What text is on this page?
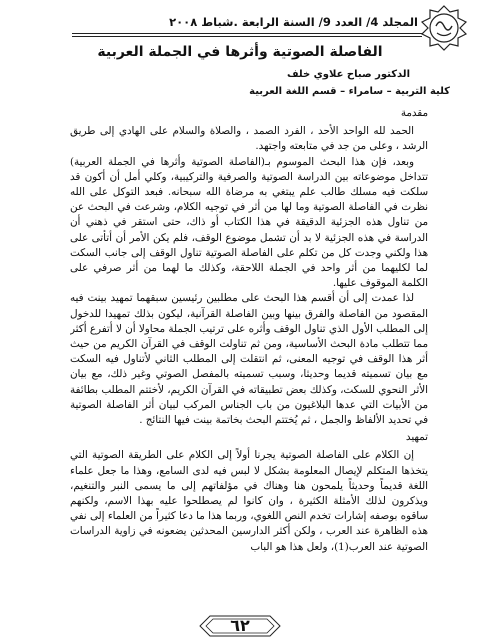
المجلد 4/ العدد 9/ السنة الرابعة .شباط ٢٠٠٨
الفاصلة الصوتية وأثرها في الجملة العربية
الدكتور صباح علاوي خلف
كلية التربية – سامراء – قسم اللغة العربية

مقدمة

الحمد لله الواحد الأحد ، الفرد الصمد ، والصلاة والسلام على الهادي إلى طريق الرشد ، وعلى من جد في متابعته واجتهد.

وبعد، فإن هذا البحث الموسوم بـ(الفاصلة الصوتية وأثرها في الجملة العربية) تتداخل موضوعاته بين الدراسة الصوتية والصرفية والتركيبية، وكلي أمل أن أكون قد سلكت فيه مسلك طالب علم يبتغي به مرضاة الله سبحانه. فبعد التوكل على الله نظرت في الفاصلة الصوتية وما لها من أثر في توجيه الكلام، وشرعت في البحث عن من تناول هذه الجزئية الدقيقة في هذا الكتاب أو ذاك، حتى استقر في ذهني أن الدراسة في هذه الجزئية لا بد أن تشمل موضوع الوقف، فلم يكن الأمر أن أتأتى على هذا ولكني وجدت كل من تكلم على الفاصلة الصوتية تناول الوقف إلى جانب السكت لما لكليهما من أثر واحد في الجملة اللاحقة، وكذلك ما لهما من أثر صرفي على الكلمة الموقوف عليها.

لذا عمدت إلى أن أقسم هذا البحث على مطلبين رئيسين سبقهما تمهيد بينت فيه المقصود من الفاصلة والفرق بينها وبين الفاصلة القرآنية، ليكون بذلك تمهيدا للدخول إلى المطلب الأول الذي تناول الوقف وأثره على ترتيب الجملة محاولا أن لا أتفرع أكثر مما تتطلب مادة البحث الأساسية، ومن ثم تناولت الوقف في القرآن الكريم من حيث أثر هذا الوقف في توجيه المعنى، ثم انتقلت إلى المطلب الثاني لأتناول فيه السكت مع بيان تسميته قديما وحديثا، وسبب تسميته بالمفصل الصوتي وغير ذلك، مع بيان الأثر النحوي للسكت، وكذلك بعض تطبيقاته في القرآن الكريم، لأختتم المطلب بطائفة من الأبيات التي عدها البلاغيون من باب الجناس المركب لبيان أثر الفاصلة الصوتية في تحديد الألفاظ والجمل ، ثم يُختتم البحث بخاتمة بينت فيها النتائج .

تمهيد

إن الكلام على الفاصلة الصوتية يجرنا أولاً إلى الكلام على الطريقة الصوتية التي يتخذها المتكلم لإيصال المعلومة بشكل لا لبس فيه لدى السامع، وهذا ما جعل علماء اللغة قديماً وحديثاً يلمحون هنا وهناك في مؤلفاتهم إلى ما يسمى النبر والتنغيم، ويذكرون لذلك الأمثلة الكثيرة ، وان كانوا لم يصطلحوا عليه بهذا الاسم، ولكنهم ساقوه بوصفه إشارات تخدم النص اللغوي، وربما هذا ما دعا كثيراً من العلماء إلى نفي هذه الظاهرة عند العرب ، ولكن أكثر الدارسين المحدثين يضعونه في زاوية الدراسات الصوتية عند العرب(1)، ولعل هذا هو الباب

٦٢
